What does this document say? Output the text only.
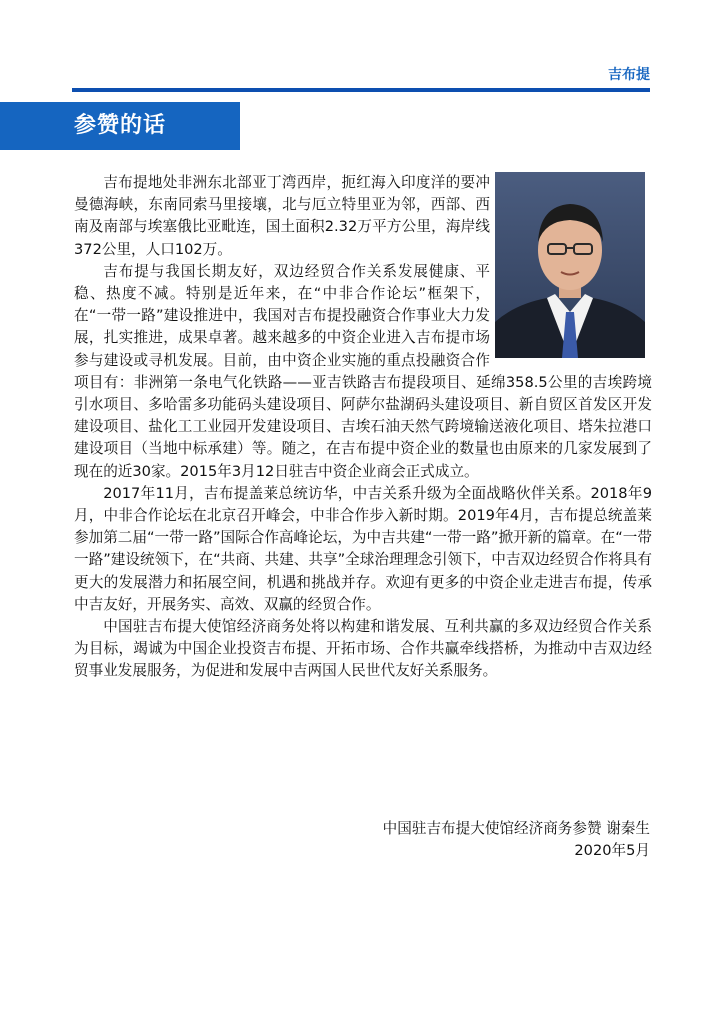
吉布提
参赞的话

吉布提地处非洲东北部亚丁湾西岸，扼红海入印度洋的要冲曼德海峡，东南同索马里接壤，北与厄立特里亚为邻，西部、西南及南部与埃塞俄比亚毗连，国土面积2.32万平方公里，海岸线372公里，人口102万。

吉布提与我国长期友好，双边经贸合作关系发展健康、平稳、热度不减。特别是近年来，在“中非合作论坛”框架下，在“一带一路”建设推进中，我国对吉布提投融资合作事业大力发展，扎实推进，成果卓著。越来越多的中资企业进入吉布提市场参与建设或寻机发展。目前，由中资企业实施的重点投融资合作项目有：非洲第一条电气化铁路——亚吉铁路吉布提段项目、延绵358.5公里的吉埃跨境引水项目、多哈雷多功能码头建设项目、阿萨尔盐湖码头建设项目、新自贸区首发区开发建设项目、盐化工工业园开发建设项目、吉埃石油天然气跨境输送液化项目、塔朱拉港口建设项目（当地中标承建）等。随之，在吉布提中资企业的数量也由原来的几家发展到了现在的近30家。2015年3月12日驻吉中资企业商会正式成立。

2017年11月，吉布提盖莱总统访华，中吉关系升级为全面战略伙伴关系。2018年9月，中非合作论坛在北京召开峰会，中非合作步入新时期。2019年4月，吉布提总统盖莱参加第二届“一带一路”国际合作高峰论坛，为中吉共建“一带一路”掀开新的篇章。在“一带一路”建设统领下，在“共商、共建、共享”全球治理理念引领下，中吉双边经贸合作将具有更大的发展潜力和拓展空间，机遇和挑战并存。欢迎有更多的中资企业走进吉布提，传承中吉友好，开展务实、高效、双赢的经贸合作。

中国驻吉布提大使馆经济商务处将以构建和谐发展、互利共赢的多双边经贸合作关系为目标，竭诚为中国企业投资吉布提、开拓市场、合作共赢牵线搭桥，为推动中吉双边经贸事业发展服务，为促进和发展中吉两国人民世代友好关系服务。

中国驻吉布提大使馆经济商务参赞 谢秦生
2020年5月
